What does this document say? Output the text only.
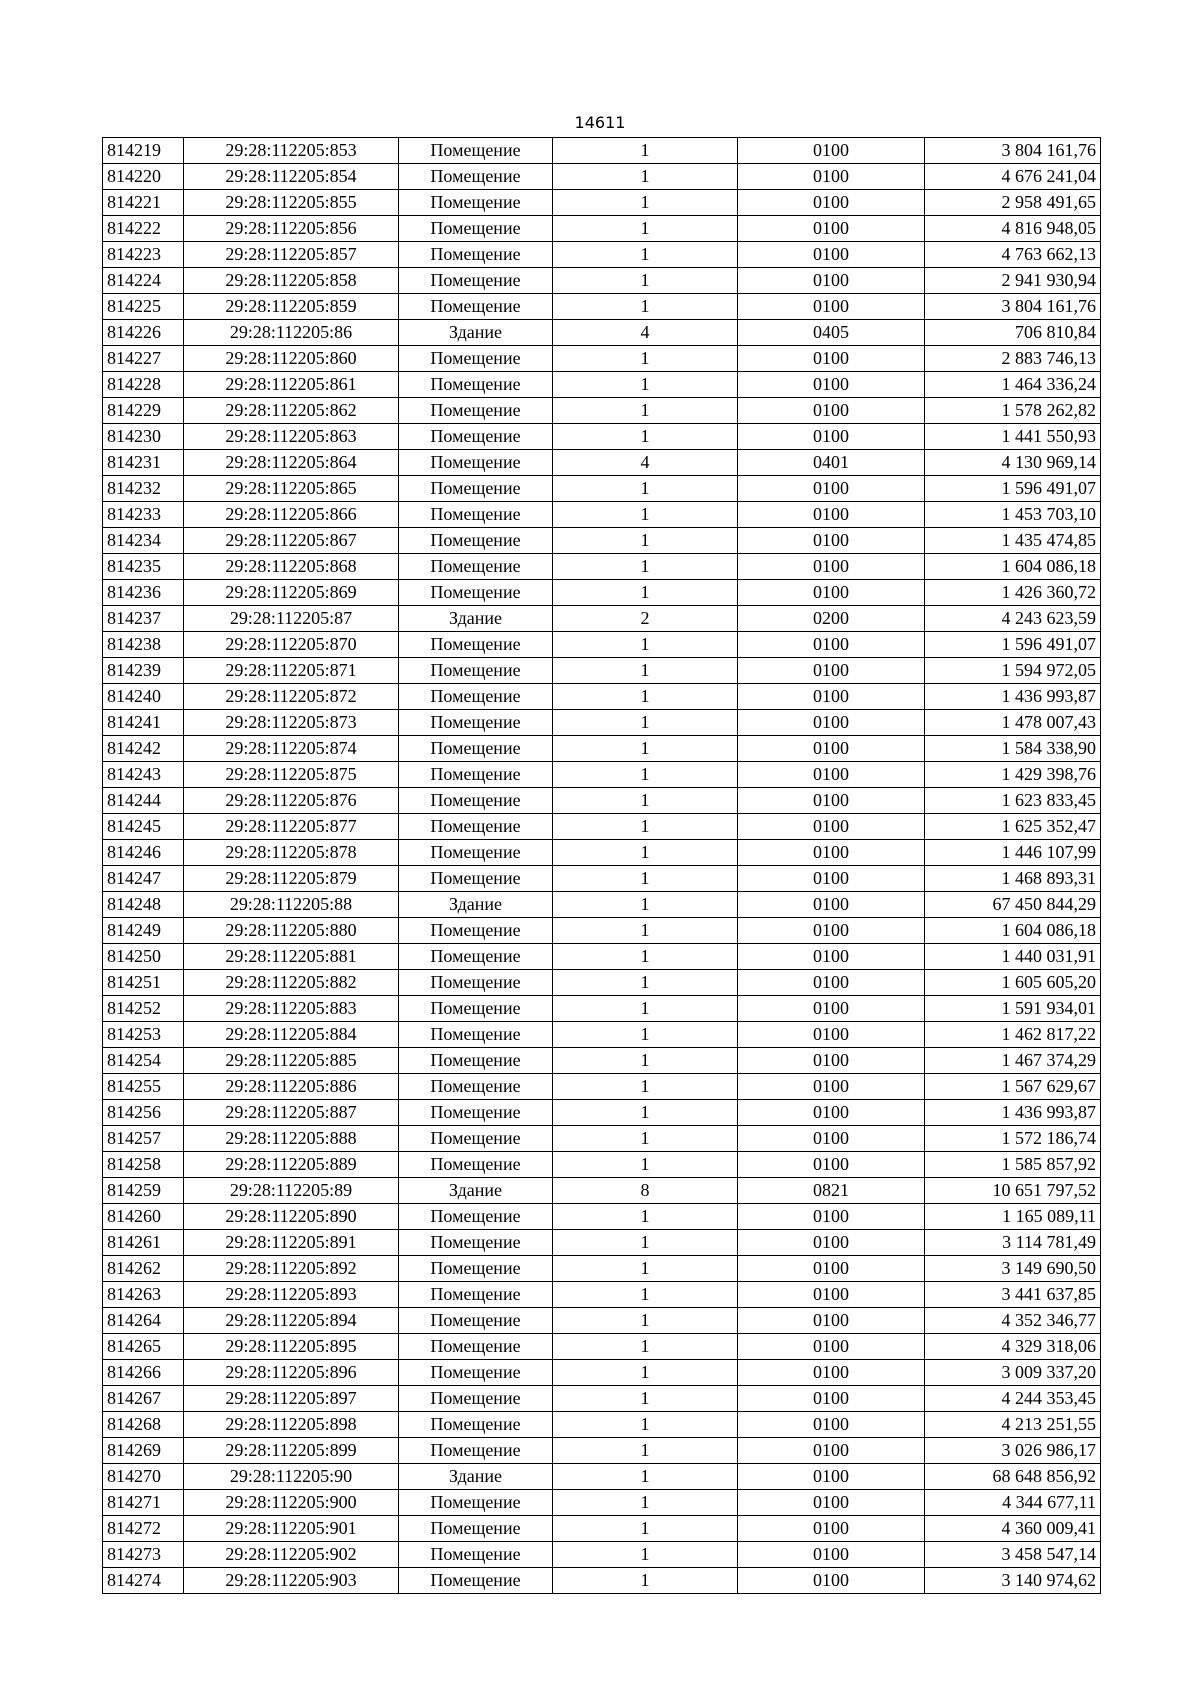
14611
814219	29:28:112205:853	Помещение	1	0100	3 804 161,76
814220	29:28:112205:854	Помещение	1	0100	4 676 241,04
814221	29:28:112205:855	Помещение	1	0100	2 958 491,65
814222	29:28:112205:856	Помещение	1	0100	4 816 948,05
814223	29:28:112205:857	Помещение	1	0100	4 763 662,13
814224	29:28:112205:858	Помещение	1	0100	2 941 930,94
814225	29:28:112205:859	Помещение	1	0100	3 804 161,76
814226	29:28:112205:86	Здание	4	0405	706 810,84
814227	29:28:112205:860	Помещение	1	0100	2 883 746,13
814228	29:28:112205:861	Помещение	1	0100	1 464 336,24
814229	29:28:112205:862	Помещение	1	0100	1 578 262,82
814230	29:28:112205:863	Помещение	1	0100	1 441 550,93
814231	29:28:112205:864	Помещение	4	0401	4 130 969,14
814232	29:28:112205:865	Помещение	1	0100	1 596 491,07
814233	29:28:112205:866	Помещение	1	0100	1 453 703,10
814234	29:28:112205:867	Помещение	1	0100	1 435 474,85
814235	29:28:112205:868	Помещение	1	0100	1 604 086,18
814236	29:28:112205:869	Помещение	1	0100	1 426 360,72
814237	29:28:112205:87	Здание	2	0200	4 243 623,59
814238	29:28:112205:870	Помещение	1	0100	1 596 491,07
814239	29:28:112205:871	Помещение	1	0100	1 594 972,05
814240	29:28:112205:872	Помещение	1	0100	1 436 993,87
814241	29:28:112205:873	Помещение	1	0100	1 478 007,43
814242	29:28:112205:874	Помещение	1	0100	1 584 338,90
814243	29:28:112205:875	Помещение	1	0100	1 429 398,76
814244	29:28:112205:876	Помещение	1	0100	1 623 833,45
814245	29:28:112205:877	Помещение	1	0100	1 625 352,47
814246	29:28:112205:878	Помещение	1	0100	1 446 107,99
814247	29:28:112205:879	Помещение	1	0100	1 468 893,31
814248	29:28:112205:88	Здание	1	0100	67 450 844,29
814249	29:28:112205:880	Помещение	1	0100	1 604 086,18
814250	29:28:112205:881	Помещение	1	0100	1 440 031,91
814251	29:28:112205:882	Помещение	1	0100	1 605 605,20
814252	29:28:112205:883	Помещение	1	0100	1 591 934,01
814253	29:28:112205:884	Помещение	1	0100	1 462 817,22
814254	29:28:112205:885	Помещение	1	0100	1 467 374,29
814255	29:28:112205:886	Помещение	1	0100	1 567 629,67
814256	29:28:112205:887	Помещение	1	0100	1 436 993,87
814257	29:28:112205:888	Помещение	1	0100	1 572 186,74
814258	29:28:112205:889	Помещение	1	0100	1 585 857,92
814259	29:28:112205:89	Здание	8	0821	10 651 797,52
814260	29:28:112205:890	Помещение	1	0100	1 165 089,11
814261	29:28:112205:891	Помещение	1	0100	3 114 781,49
814262	29:28:112205:892	Помещение	1	0100	3 149 690,50
814263	29:28:112205:893	Помещение	1	0100	3 441 637,85
814264	29:28:112205:894	Помещение	1	0100	4 352 346,77
814265	29:28:112205:895	Помещение	1	0100	4 329 318,06
814266	29:28:112205:896	Помещение	1	0100	3 009 337,20
814267	29:28:112205:897	Помещение	1	0100	4 244 353,45
814268	29:28:112205:898	Помещение	1	0100	4 213 251,55
814269	29:28:112205:899	Помещение	1	0100	3 026 986,17
814270	29:28:112205:90	Здание	1	0100	68 648 856,92
814271	29:28:112205:900	Помещение	1	0100	4 344 677,11
814272	29:28:112205:901	Помещение	1	0100	4 360 009,41
814273	29:28:112205:902	Помещение	1	0100	3 458 547,14
814274	29:28:112205:903	Помещение	1	0100	3 140 974,62
